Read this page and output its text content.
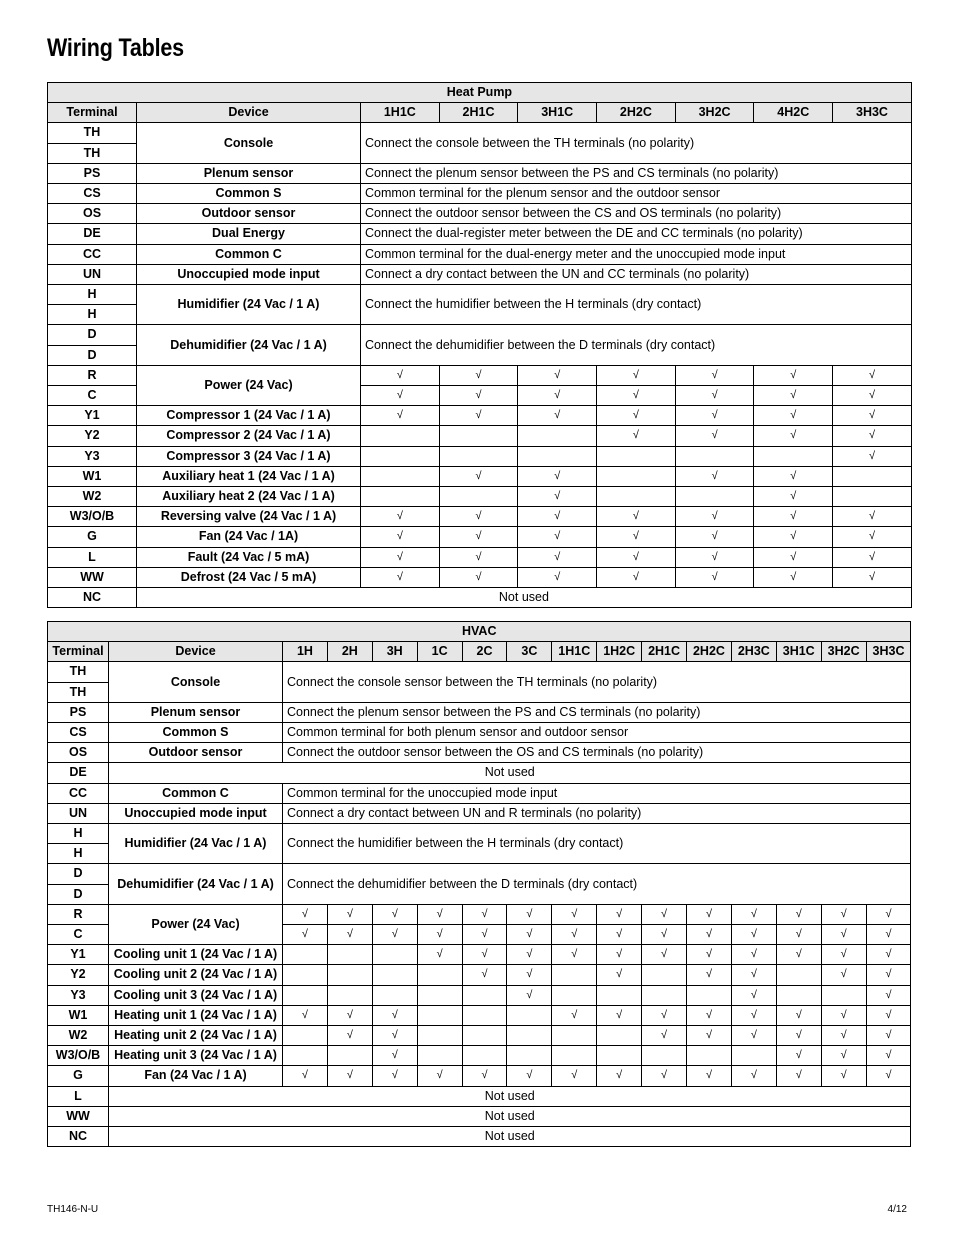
Wiring Tables
Heat Pump								
Terminal	Device	1H1C	2H1C	3H1C	2H2C	3H2C	4H2C	3H3C
TH	Console	Connect the console between the TH terminals (no polarity)						
TH								
PS	Plenum sensor	Connect the plenum sensor between the PS and CS terminals (no polarity)						
CS	Common S	Common terminal for the plenum sensor and the outdoor sensor						
OS	Outdoor sensor	Connect the outdoor sensor between the CS and OS terminals (no polarity)						
DE	Dual Energy	Connect the dual-register meter between the DE and CC terminals (no polarity)						
CC	Common C	Common terminal for the dual-energy meter and the unoccupied mode input						
UN	Unoccupied mode input	Connect a dry contact between the UN and CC terminals (no polarity)						
H	Humidifier (24 Vac / 1 A)	Connect the humidifier between the H terminals (dry contact)						
H								
D	Dehumidifier (24 Vac / 1 A)	Connect the dehumidifier between the D terminals (dry contact)						
D								
R	Power (24 Vac)	√	√	√	√	√	√	√
C		√	√	√	√	√	√	√
Y1	Compressor 1 (24 Vac / 1 A)	√	√	√	√	√	√	√
Y2	Compressor 2 (24 Vac / 1 A)				√	√	√	√
Y3	Compressor 3 (24 Vac / 1 A)							√
W1	Auxiliary heat 1 (24 Vac / 1 A)		√	√		√	√	
W2	Auxiliary heat 2 (24 Vac / 1 A)			√			√	
W3/O/B	Reversing valve (24 Vac / 1 A)	√	√	√	√	√	√	√
G	Fan (24 Vac / 1A)	√	√	√	√	√	√	√
L	Fault (24 Vac / 5 mA)	√	√	√	√	√	√	√
WW	Defrost (24 Vac / 5 mA)	√	√	√	√	√	√	√
NC	Not used							
HVAC															
Terminal	Device	1H	2H	3H	1C	2C	3C	1H1C	1H2C	2H1C	2H2C	2H3C	3H1C	3H2C	3H3C
TH	Console	Connect the console sensor between the TH terminals (no polarity)													
TH															
PS	Plenum sensor	Connect the plenum sensor between the PS and CS terminals (no polarity)													
CS	Common S	Common terminal for both plenum sensor and outdoor sensor													
OS	Outdoor sensor	Connect the outdoor sensor between the OS and CS terminals (no polarity)													
DE	Not used														
CC	Common C	Common terminal for the unoccupied mode input													
UN	Unoccupied mode input	Connect a dry contact between UN and R terminals (no polarity)													
H	Humidifier (24 Vac / 1 A)	Connect the humidifier between the H terminals (dry contact)													
H															
D	Dehumidifier (24 Vac / 1 A)	Connect the dehumidifier between the D terminals (dry contact)													
D															
R	Power (24 Vac)	√	√	√	√	√	√	√	√	√	√	√	√	√	√
C		√	√	√	√	√	√	√	√	√	√	√	√	√	√
Y1	Cooling unit 1 (24 Vac / 1 A)				√	√	√	√	√	√	√	√	√	√	√
Y2	Cooling unit 2 (24 Vac / 1 A)					√	√		√		√	√		√	√
Y3	Cooling unit 3 (24 Vac / 1 A)						√					√			√
W1	Heating unit 1 (24 Vac / 1 A)	√	√	√				√	√	√	√	√	√	√	√
W2	Heating unit 2 (24 Vac / 1 A)		√	√						√	√	√	√	√	√
W3/O/B	Heating unit 3 (24 Vac / 1 A)			√									√	√	√
G	Fan (24 Vac / 1 A)	√	√	√	√	√	√	√	√	√	√	√	√	√	√
L	Not used														
WW	Not used														
NC	Not used														
TH146-N-U	4/12
